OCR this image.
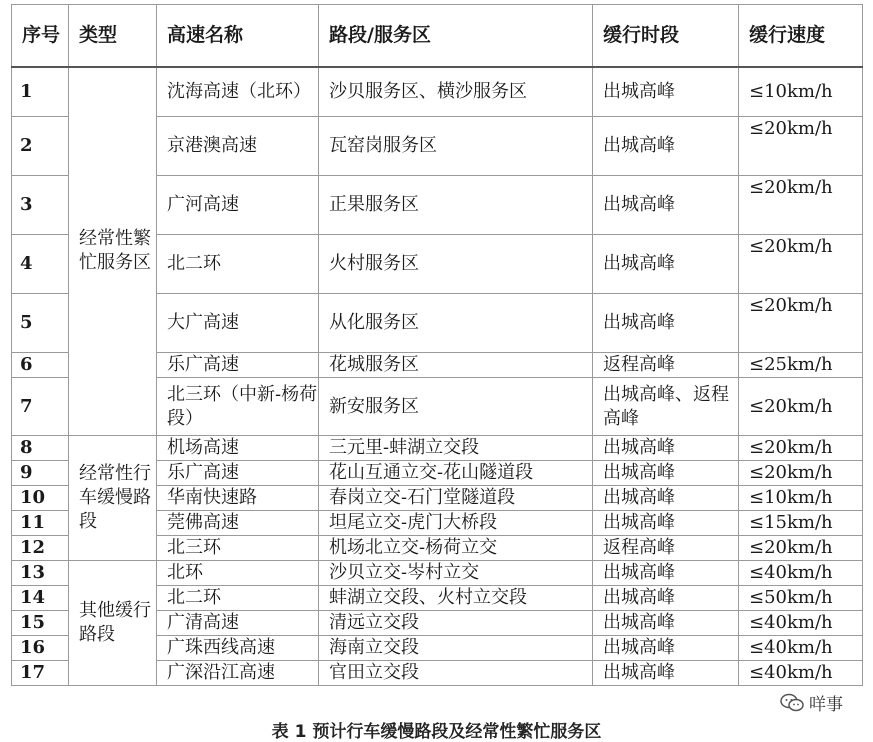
序号	类型	高速名称	路段/服务区	缓行时段	缓行速度
1	经常性繁忙服务区	沈海高速（北环）	沙贝服务区、横沙服务区	出城高峰	≤10km/h
2		京港澳高速	瓦窑岗服务区	出城高峰	≤20km/h
3		广河高速	正果服务区	出城高峰	≤20km/h
4		北二环	火村服务区	出城高峰	≤20km/h
5		大广高速	从化服务区	出城高峰	≤20km/h
6		乐广高速	花城服务区	返程高峰	≤25km/h
7		北三环（中新-杨荷段）	新安服务区	出城高峰、返程高峰	≤20km/h
8	经常性行车缓慢路段	机场高速	三元里-蚌湖立交段	出城高峰	≤20km/h
9		乐广高速	花山互通立交-花山隧道段	出城高峰	≤20km/h
10		华南快速路	春岗立交-石门堂隧道段	出城高峰	≤10km/h
11		莞佛高速	坦尾立交-虎门大桥段	出城高峰	≤15km/h
12		北三环	机场北立交-杨荷立交	返程高峰	≤20km/h
13	其他缓行路段	北环	沙贝立交-岑村立交	出城高峰	≤40km/h
14		北二环	蚌湖立交段、火村立交段	出城高峰	≤50km/h
15		广清高速	清远立交段	出城高峰	≤40km/h
16		广珠西线高速	海南立交段	出城高峰	≤40km/h
17		广深沿江高速	官田立交段	出城高峰	≤40km/h
咩事
表 1 预计行车缓慢路段及经常性繁忙服务区
